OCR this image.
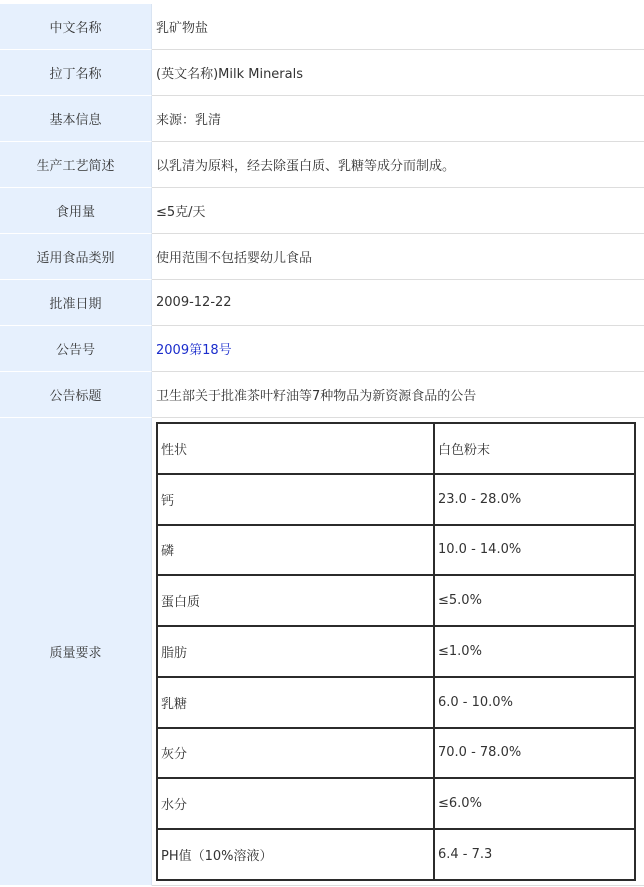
中文名称	乳矿物盐
拉丁名称	(英文名称)Milk Minerals
基本信息	来源：乳清
生产工艺简述	以乳清为原料，经去除蛋白质、乳糖等成分而制成。
食用量	≤5克/天
适用食品类别	使用范围不包括婴幼儿食品
批准日期	2009-12-22
公告号	2009第18号
公告标题	卫生部关于批准茶叶籽油等7种物品为新资源食品的公告
质量要求
性状	白色粉末
钙	23.0 - 28.0%
磷	10.0 - 14.0%
蛋白质	≤5.0%
脂肪	≤1.0%
乳糖	6.0 - 10.0%
灰分	70.0 - 78.0%
水分	≤6.0%
PH值（10%溶液）	6.4 - 7.3
